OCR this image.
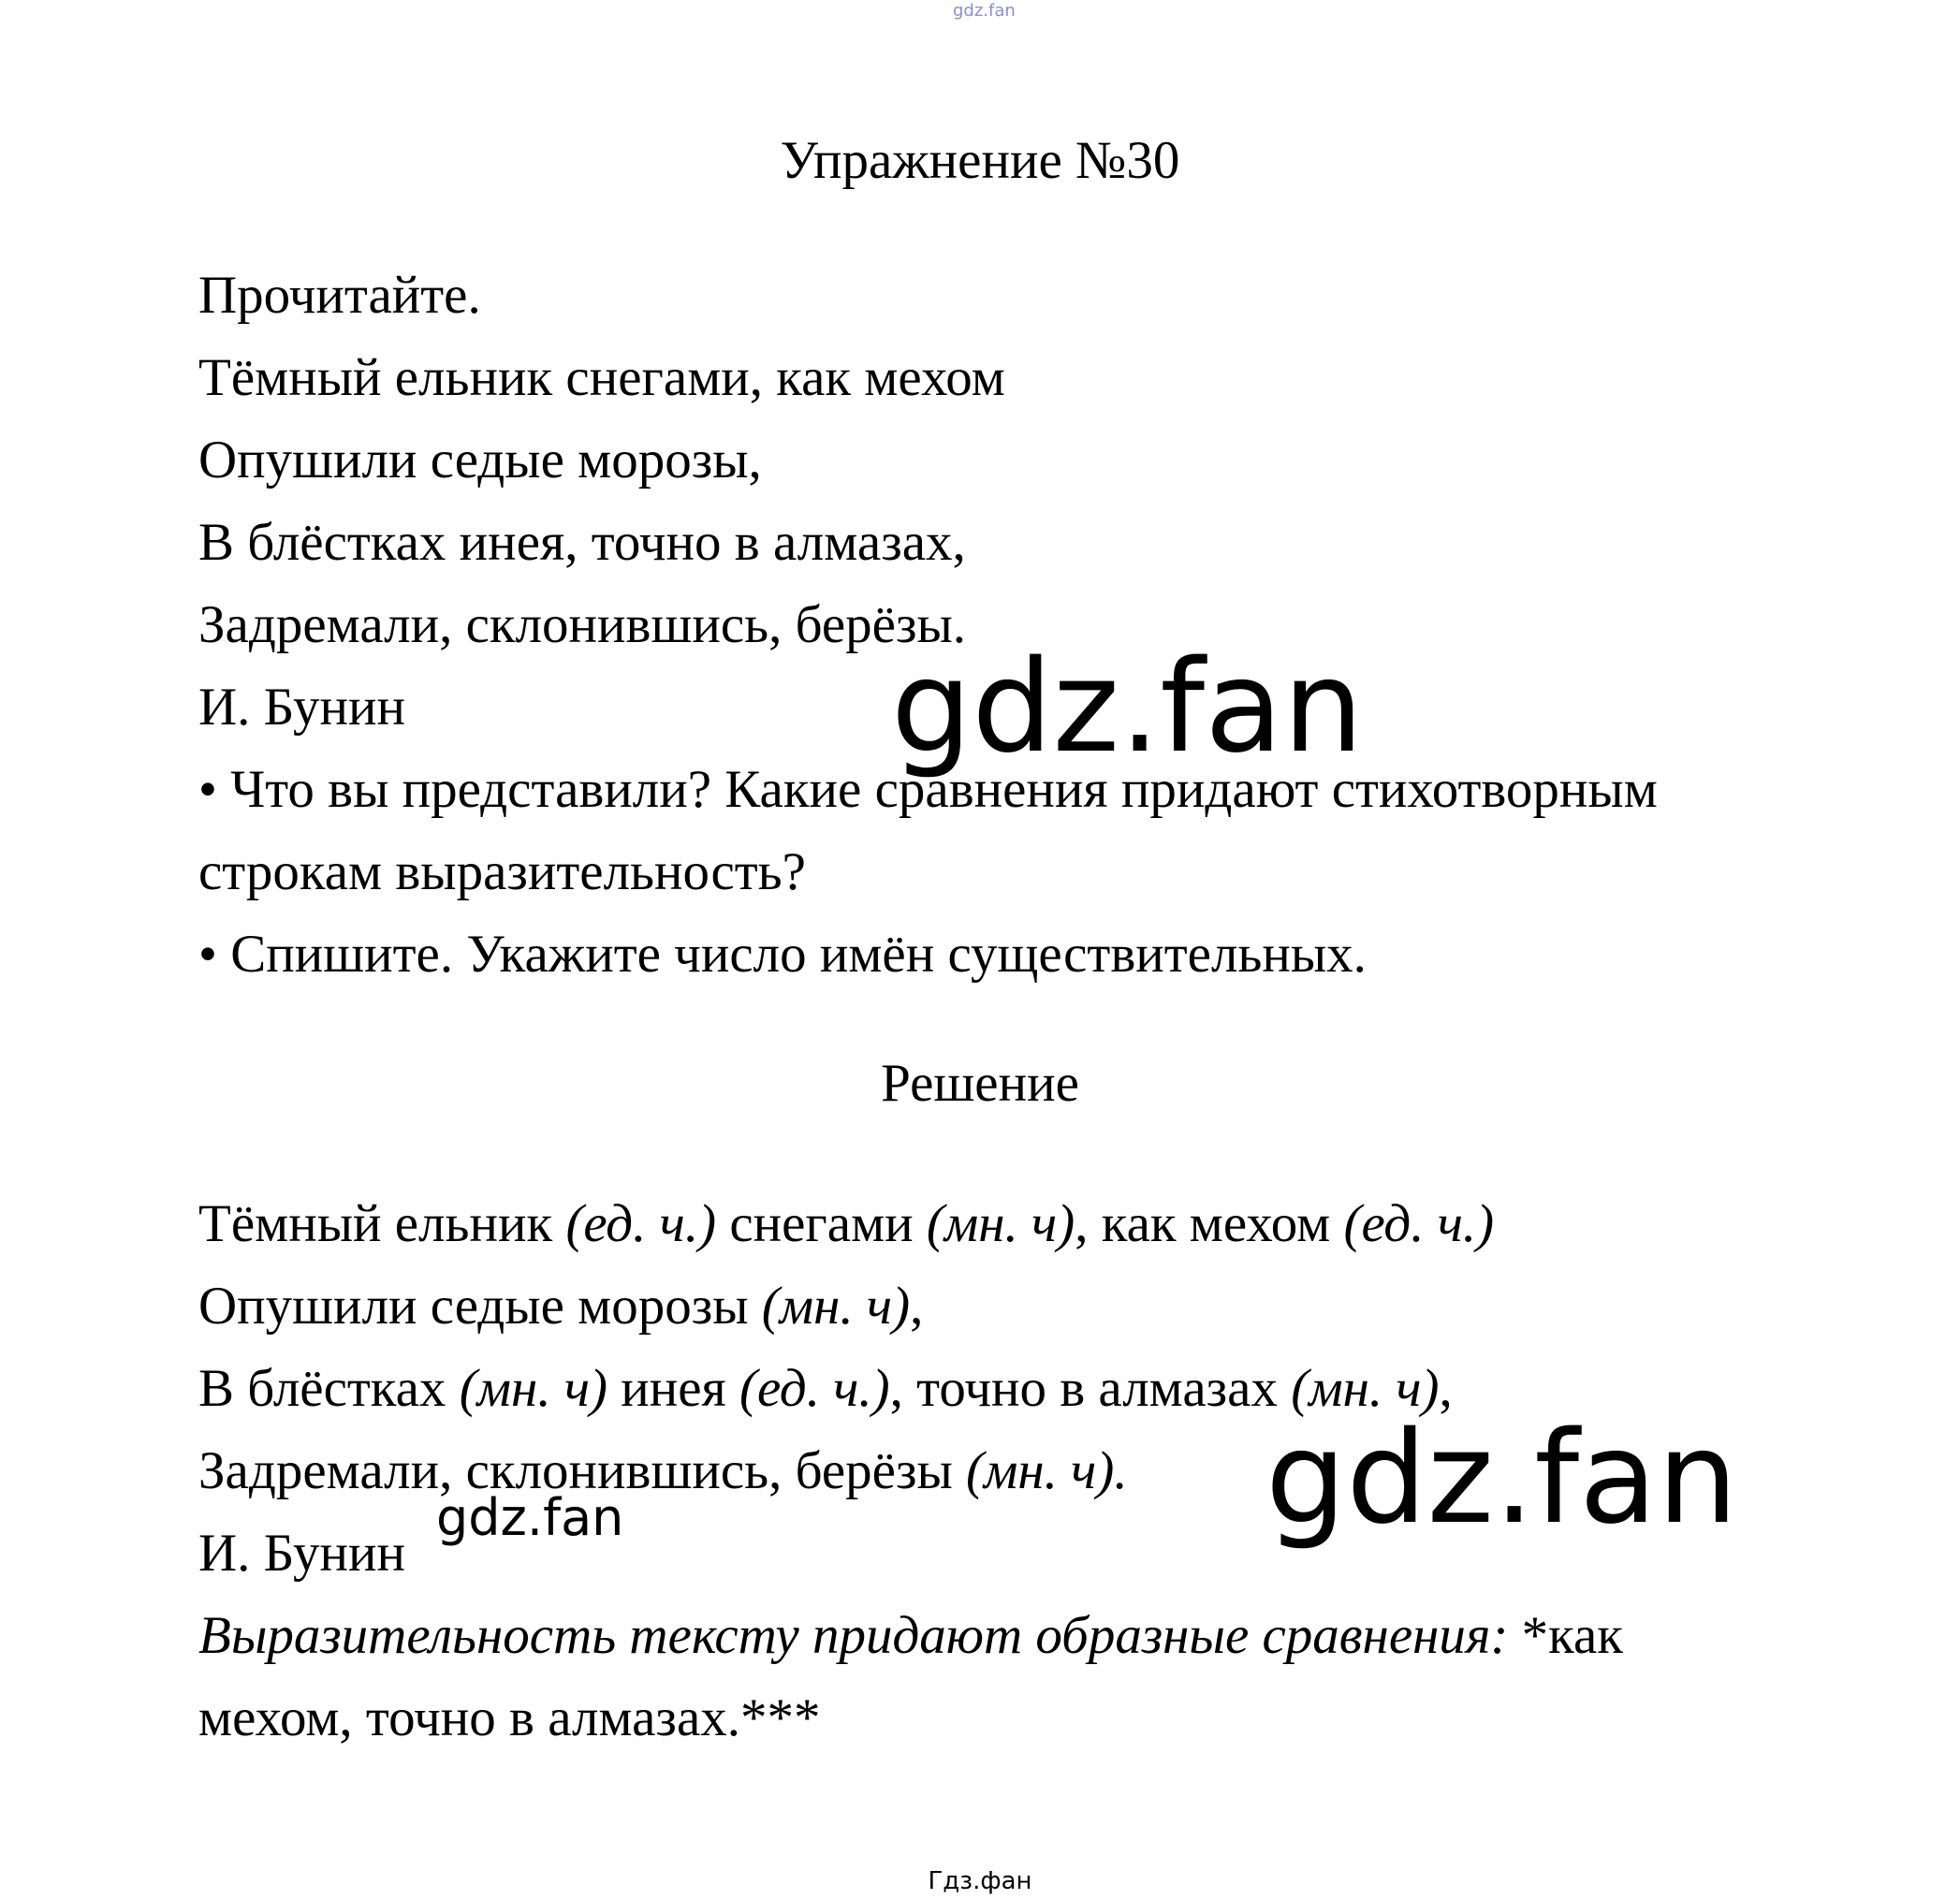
gdz.fan
Упражнение №30
Прочитайте.
Тёмный ельник снегами, как мехом
Опушили седые морозы,
В блёстках инея, точно в алмазах,
Задремали, склонившись, берёзы.
И. Бунин
• Что вы представили? Какие сравнения придают стихотворным
строкам выразительность?
• Спишите. Укажите число имён существительных.
Решение
Тёмный ельник (ед. ч.) снегами (мн. ч), как мехом (ед. ч.)
Опушили седые морозы (мн. ч),
В блёстках (мн. ч) инея (ед. ч.), точно в алмазах (мн. ч),
Задремали, склонившись, берёзы (мн. ч).
И. Бунин
Выразительность тексту придают образные сравнения: *как
мехом, точно в алмазах.***
gdz.fan
gdz.fan
gdz.fan
Гдз.фан
